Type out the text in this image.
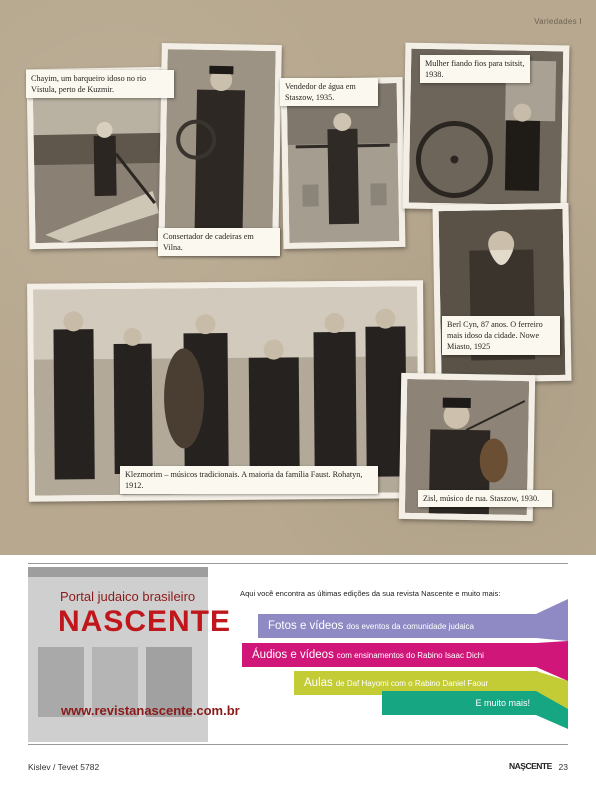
Variedades I
Chayim, um barqueiro idoso no rio Vístula, perto de Kuzmir.
Consertador de cadeiras em Vilna.
Vendedor de água em Staszow, 1935.
Mulher fiando fios para tsitsit, 1938.
Berl Cyn, 87 anos. O ferreiro mais idoso da cidade. Nowe Miasto, 1925
Klezmorim – músicos tradicionais. A maioria da família Faust. Rohatyn, 1912.
Zisl, músico de rua. Staszow, 1930.
Portal judaico brasileiro
NASCENTE
www.revistanascente.com.br
Aqui você encontra as últimas edições da sua revista Nascente e muito mais:
Fotos e vídeos dos eventos da comunidade judaica
Áudios e vídeos com ensinamentos do Rabino Isaac Dichi
Aulas de Daf Hayomi com o Rabino Daniel Faour
E muito mais!
Kislev / Tevet 5782	NAŞCENTE 23
